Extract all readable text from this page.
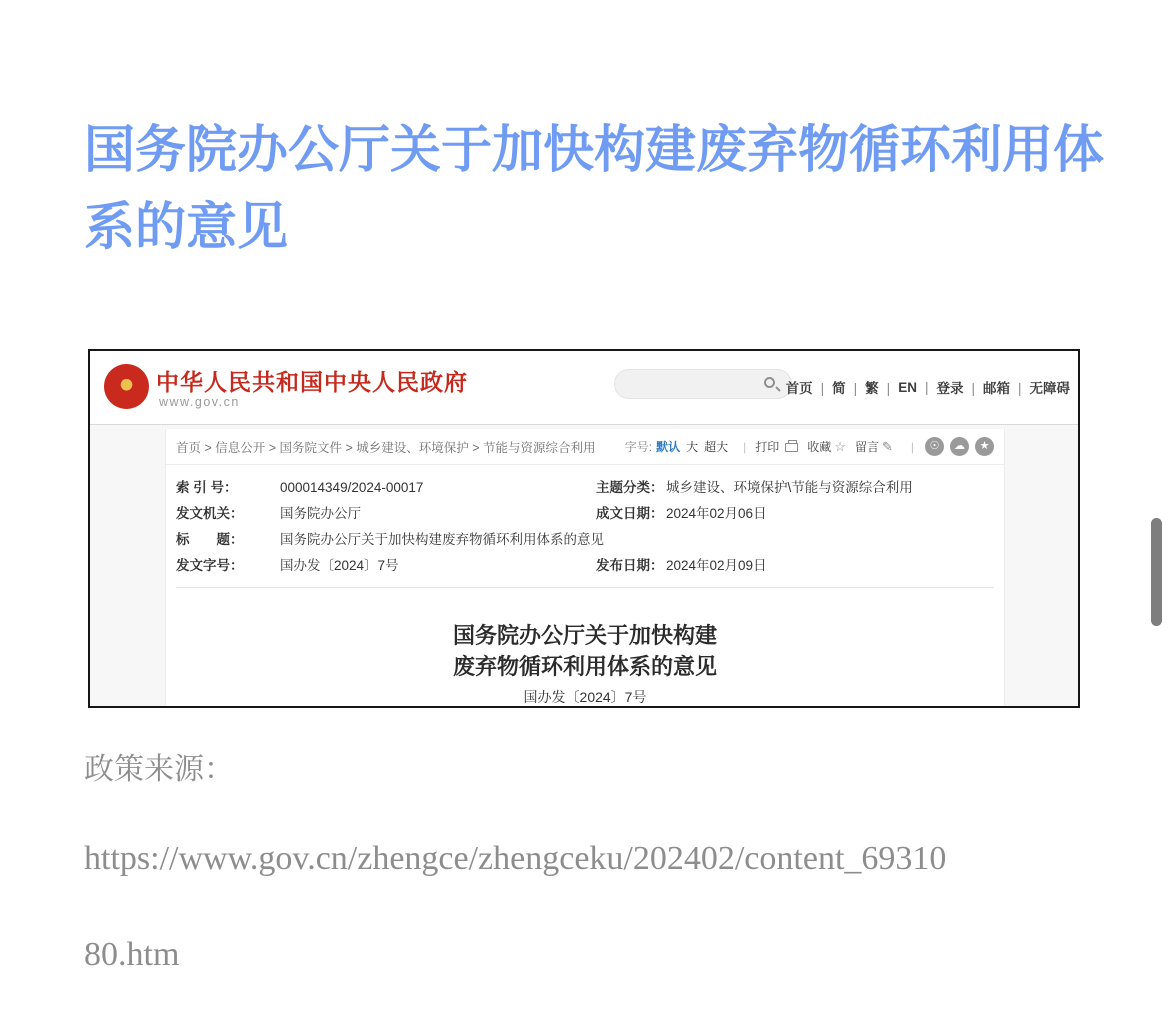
国务院办公厅关于加快构建废弃物循环利用体系的意见
中华人民共和国中央人民政府
www.gov.cn
首页 |	简 |	繁 |	EN |	登录 |	邮箱 |	无障碍
首页 > 信息公开 > 国务院文件 > 城乡建设、环境保护 > 节能与资源综合利用 字号: 默认 大 超大 | 打印 收藏 ☆ 留言 ✎ |	☉	☁	★
索 引 号：	000014349/2024-00017	主题分类： 城乡建设、环境保护\节能与资源综合利用
发文机关：	国务院办公厅	成文日期： 2024年02月06日
标　　题：	国务院办公厅关于加快构建废弃物循环利用体系的意见
发文字号：	国办发〔2024〕7号	发布日期： 2024年02月09日
国务院办公厅关于加快构建
废弃物循环利用体系的意见
国办发〔2024〕7号
政策来源：
https://www.gov.cn/zhengce/zhengceku/202402/content_69310
80.htm
